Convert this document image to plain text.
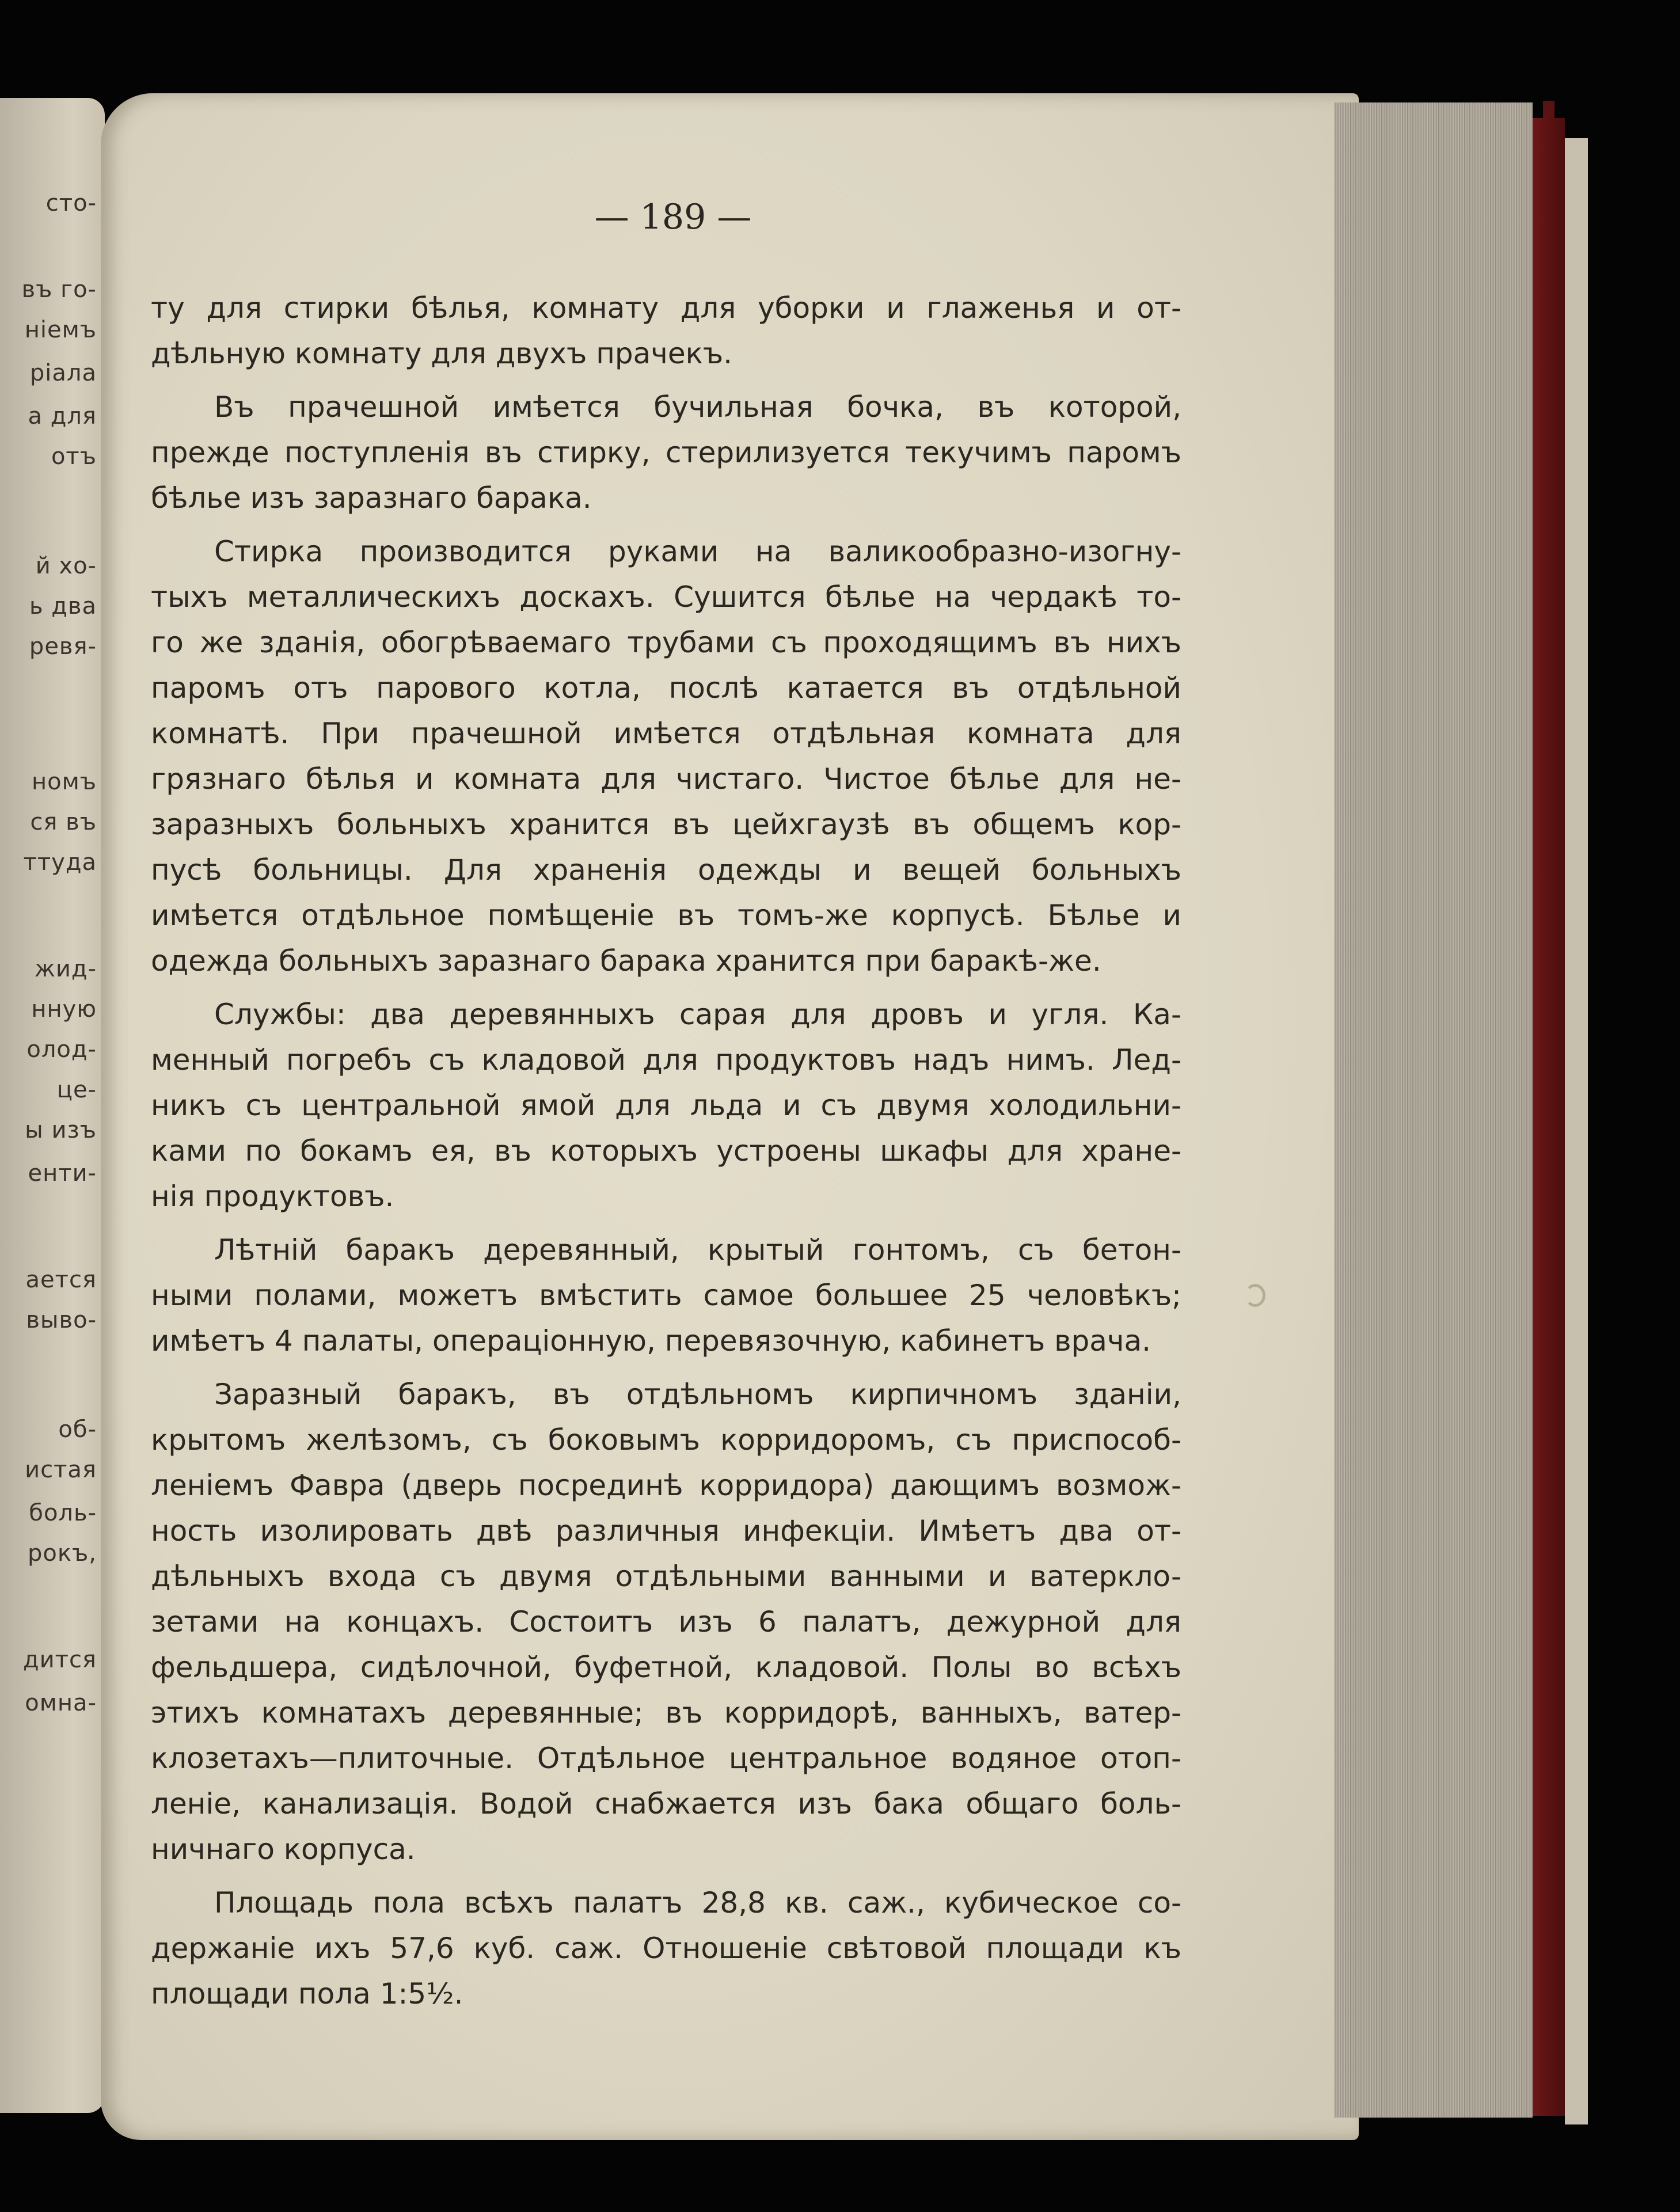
сто-
въ го-
ніемъ
ріала
а для
отъ
й хо-
ь два
ревя-
номъ
ся въ
ттуда
жид-
нную
олод-
це-
ы изъ
енти-
ается
выво-
об-
истая
боль-
рокъ,
дится
омна-
— 189 —

ту для стирки бѣлья, комнату для уборки и глаженья и от-
дѣльную комнату для двухъ прачекъ.

Въ прачешной имѣется бучильная бочка, въ которой,
прежде поступленія въ стирку, стерилизуется текучимъ паромъ
бѣлье изъ заразнаго барака.

Стирка производится руками на валикообразно-изогну-
тыхъ металлическихъ доскахъ. Сушится бѣлье на чердакѣ то-
го же зданія, обогрѣваемаго трубами съ проходящимъ въ нихъ
паромъ отъ парового котла, послѣ катается въ отдѣльной
комнатѣ. При прачешной имѣется отдѣльная комната для
грязнаго бѣлья и комната для чистаго. Чистое бѣлье для не-
заразныхъ больныхъ хранится въ цейхгаузѣ въ общемъ кор-
пусѣ больницы. Для храненія одежды и вещей больныхъ
имѣется отдѣльное помѣщеніе въ томъ-же корпусѣ. Бѣлье и
одежда больныхъ заразнаго барака хранится при баракѣ-же.

Службы: два деревянныхъ сарая для дровъ и угля. Ка-
менный погребъ съ кладовой для продуктовъ надъ нимъ. Лед-
никъ съ центральной ямой для льда и съ двумя холодильни-
ками по бокамъ ея, въ которыхъ устроены шкафы для хране-
нія продуктовъ.

Лѣтній баракъ деревянный, крытый гонтомъ, съ бетон-
ными полами, можетъ вмѣстить самое большее 25 человѣкъ;
имѣетъ 4 палаты, операціонную, перевязочную, кабинетъ врача.

Заразный баракъ, въ отдѣльномъ кирпичномъ зданіи,
крытомъ желѣзомъ, съ боковымъ корридоромъ, съ приспособ-
леніемъ Фавра (дверь посрединѣ корридора) дающимъ возмож-
ность изолировать двѣ различныя инфекціи. Имѣетъ два от-
дѣльныхъ входа съ двумя отдѣльными ванными и ватерклo-
зетами на концахъ. Состоитъ изъ 6 палатъ, дежурной для
фельдшера, сидѣлочной, буфетной, кладовой. Полы во всѣхъ
этихъ комнатахъ деревянные; въ корридорѣ, ванныхъ, ватер-
клозетахъ—плиточные. Отдѣльное центральное водяное отоп-
леніе, канализація. Водой снабжается изъ бака общаго боль-
ничнаго корпуса.

Площадь пола всѣхъ палатъ 28,8 кв. саж., кубическое со-
держаніе ихъ 57,6 куб. саж. Отношеніе свѣтовой площади къ
площади пола 1:5½.
